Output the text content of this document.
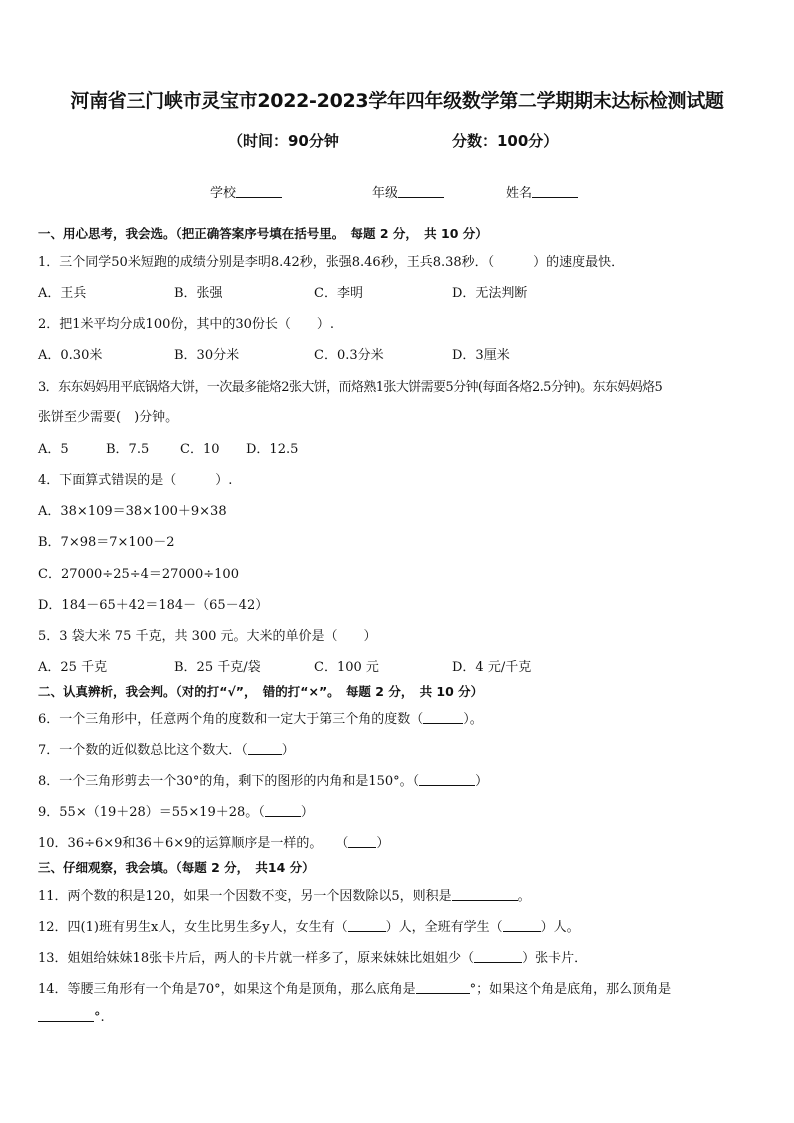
河南省三门峡市灵宝市2022-2023学年四年级数学第二学期期末达标检测试题
（时间：90分钟	分数：100分）
学校	年级	姓名
一、用心思考，我会选。（把正确答案序号填在括号里。　每题 2 分，　共 10 分）
1．三个同学50米短跑的成绩分别是李明8.42秒，张强8.46秒，王兵8.38秒．（　　　）的速度最快．
A．王兵	B．张强	C．李明	D．无法判断
2．把1米平均分成100份，其中的30份长（　　）.
A．0.30米	B．30分米	C．0.3分米	D．3厘米
3．东东妈妈用平底锅烙大饼，一次最多能烙2张大饼，而烙熟1张大饼需要5分钟(每面各烙2.5分钟)。东东妈妈烙5
张饼至少需要(　)分钟。
A．5	B．7.5 C．10 D．12.5
4．下面算式错误的是（　　　）.
A．38×109＝38×100＋9×38
B．7×98＝7×100－2
C．27000÷25÷4＝27000÷100
D．184－65＋42＝184－（65－42）
5．3 袋大米 75 千克，共 300 元。大米的单价是（　　）
A．25 千克	B．25 千克/袋	C．100 元	D．4 元/千克
二、认真辨析，我会判。（对的打“√”，　错的打“×”。　每题 2 分，　共 10 分）
6．一个三角形中，任意两个角的度数和一定大于第三个角的度数（	）。
7．一个数的近似数总比这个数大．（	）
8．一个三角形剪去一个30°的角，剩下的图形的内角和是150°。（	）
9．55×（19＋28）＝55×19＋28。（	）
10．36÷6×9和36＋6×9的运算顺序是一样的。　　（ ）
三、仔细观察，我会填。（每题 2 分，　共14 分）
11．两个数的积是120，如果一个因数不变，另一个因数除以5，则积是	。
12．四(1)班有男生x人，女生比男生多y人，女生有（	）人，全班有学生（	）人。
13．姐姐给妹妹18张卡片后，两人的卡片就一样多了，原来妹妹比姐姐少（	）张卡片．
14．等腰三角形有一个角是70°，如果这个角是顶角，那么底角是	°；如果这个角是底角，那么顶角是
°.
